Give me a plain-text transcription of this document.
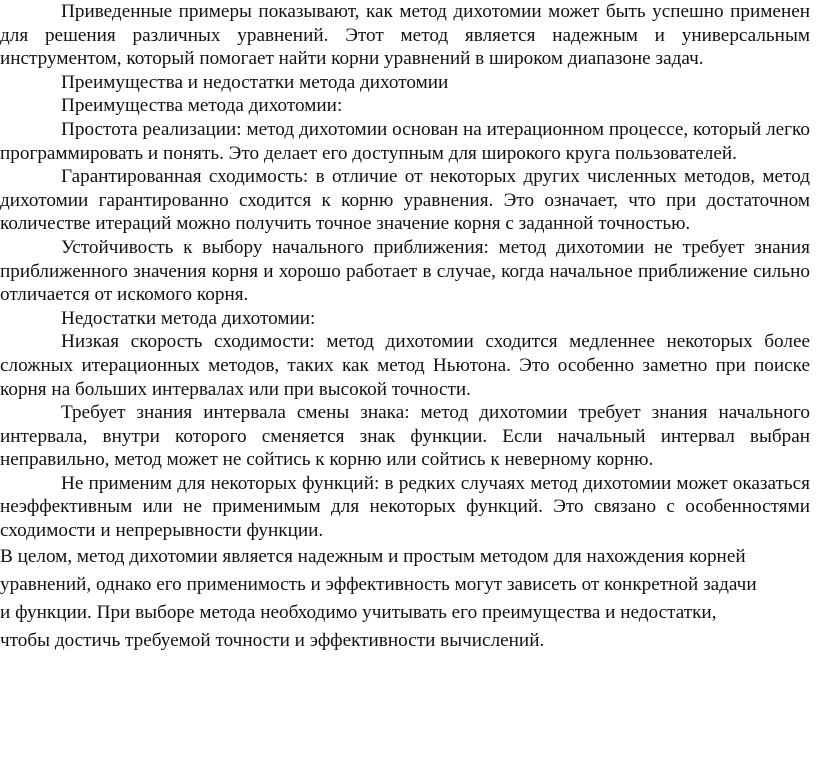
Приведенные примеры показывают, как метод дихотомии может быть успешно применен для решения различных уравнений. Этот метод является надежным и универсальным инструментом, который помогает найти корни уравнений в широком диапазоне задач.

Преимущества и недостатки метода дихотомии

Преимущества метода дихотомии:

Простота реализации: метод дихотомии основан на итерационном процессе, который легко программировать и понять. Это делает его доступным для широкого круга пользователей.

Гарантированная сходимость: в отличие от некоторых других численных методов, метод дихотомии гарантированно сходится к корню уравнения. Это означает, что при достаточном количестве итераций можно получить точное значение корня с заданной точностью.

Устойчивость к выбору начального приближения: метод дихотомии не требует знания приближенного значения корня и хорошо работает в случае, когда начальное приближение сильно отличается от искомого корня.

Недостатки метода дихотомии:

Низкая скорость сходимости: метод дихотомии сходится медленнее некоторых более сложных итерационных методов, таких как метод Ньютона. Это особенно заметно при поиске корня на больших интервалах или при высокой точности.

Требует знания интервала смены знака: метод дихотомии требует знания начального интервала, внутри которого сменяется знак функции. Если начальный интервал выбран неправильно, метод может не сойтись к корню или сойтись к неверному корню.

Не применим для некоторых функций: в редких случаях метод дихотомии может оказаться неэффективным или не применимым для некоторых функций. Это связано с особенностями сходимости и непрерывности функции.

В целом, метод дихотомии является надежным и простым методом для нахождения корней уравнений, однако его применимость и эффективность могут зависеть от конкретной задачи и функции. При выборе метода необходимо учитывать его преимущества и недостатки, чтобы достичь требуемой точности и эффективности вычислений.
